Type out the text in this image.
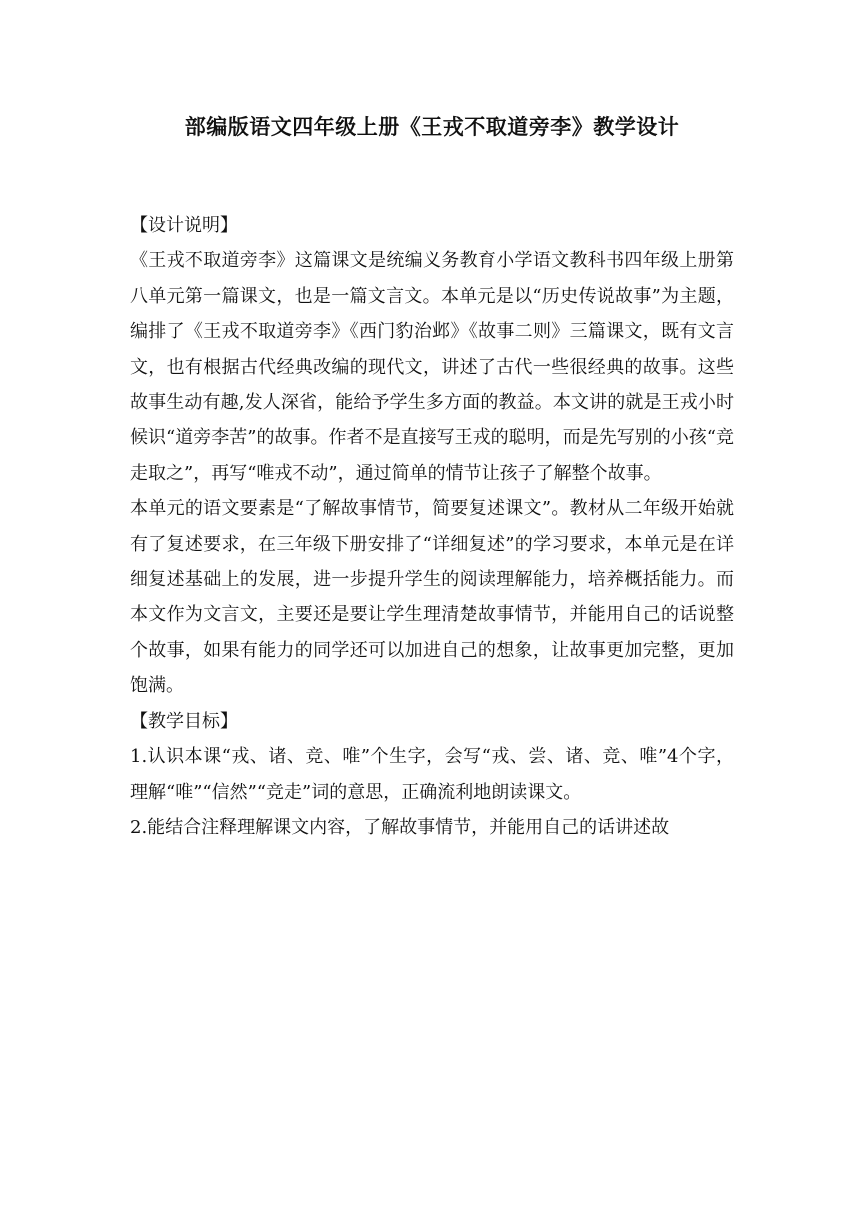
部编版语文四年级上册《王戎不取道旁李》教学设计

【设计说明】

《王戎不取道旁李》这篇课文是统编义务教育小学语文教科书四年级上册第八单元第一篇课文，也是一篇文言文。本单元是以“历史传说故事”为主题，编排了《王戎不取道旁李》《西门豹治邺》《故事二则》三篇课文，既有文言文，也有根据古代经典改编的现代文，讲述了古代一些很经典的故事。这些故事生动有趣,发人深省，能给予学生多方面的教益。本文讲的就是王戎小时候识“道旁李苦”的故事。作者不是直接写王戎的聪明，而是先写别的小孩“竞走取之”，再写“唯戎不动”，通过简单的情节让孩子了解整个故事。

本单元的语文要素是“了解故事情节，简要复述课文”。教材从二年级开始就有了复述要求，在三年级下册安排了“详细复述”的学习要求，本单元是在详细复述基础上的发展，进一步提升学生的阅读理解能力，培养概括能力。而本文作为文言文，主要还是要让学生理清楚故事情节，并能用自己的话说整个故事，如果有能力的同学还可以加进自己的想象，让故事更加完整，更加饱满。

【教学目标】

1.认识本课“戎、诸、竞、唯”个生字，会写“戎、尝、诸、竞、唯”4个字，理解“唯”“信然”“竞走”词的意思，正确流利地朗读课文。

2.能结合注释理解课文内容，了解故事情节，并能用自己的话讲述故
